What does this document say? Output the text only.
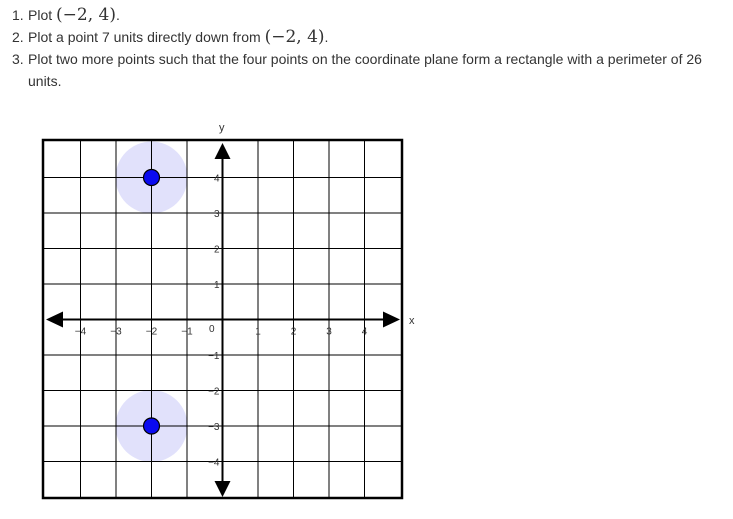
1. Plot (−2, 4).
2. Plot a point 7 units directly down from (−2, 4).
3. Plot two more points such that the four points on the coordinate plane form a rectangle with a perimeter of 26 units.
−4 −3 −2 −1	1	2	3	4
4
3
2
1
−1
−2
−3
−4
x
y
0
